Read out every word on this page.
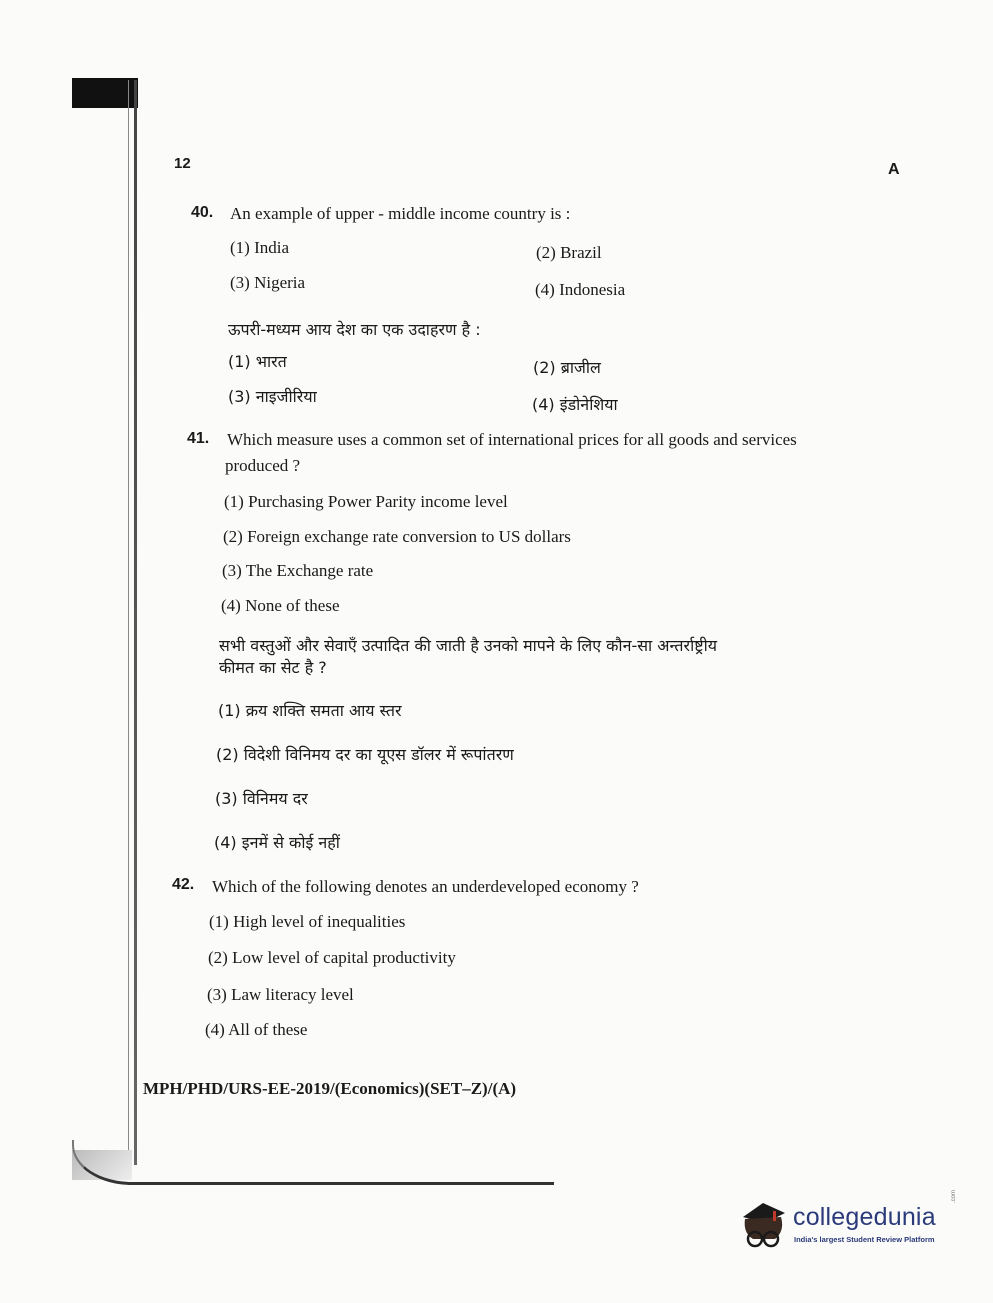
12	A
40. An example of upper - middle income country is :
(1) India	(2) Brazil
(3) Nigeria	(4) Indonesia
ऊपरी-मध्यम आय देश का एक उदाहरण है :
(1) भारत	(2) ब्राजील
(3) नाइजीरिया	(4) इंडोनेशिया
41. Which measure uses a common set of international prices for all goods and services
produced ?
(1) Purchasing Power Parity income level
(2) Foreign exchange rate conversion to US dollars
(3) The Exchange rate
(4) None of these
सभी वस्तुओं और सेवाएँ उत्पादित की जाती है उनको मापने के लिए कौन-सा अन्तर्राष्ट्रीय
कीमत का सेट है ?
(1) क्रय शक्ति समता आय स्तर
(2) विदेशी विनिमय दर का यूएस डॉलर में रूपांतरण
(3) विनिमय दर
(4) इनमें से कोई नहीं
42. Which of the following denotes an underdeveloped economy ?
(1) High level of inequalities
(2) Low level of capital productivity
(3) Law literacy level
(4) All of these
MPH/PHD/URS-EE-2019/(Economics)(SET–Z)/(A)
collegedunia
.com
India's largest Student Review Platform
